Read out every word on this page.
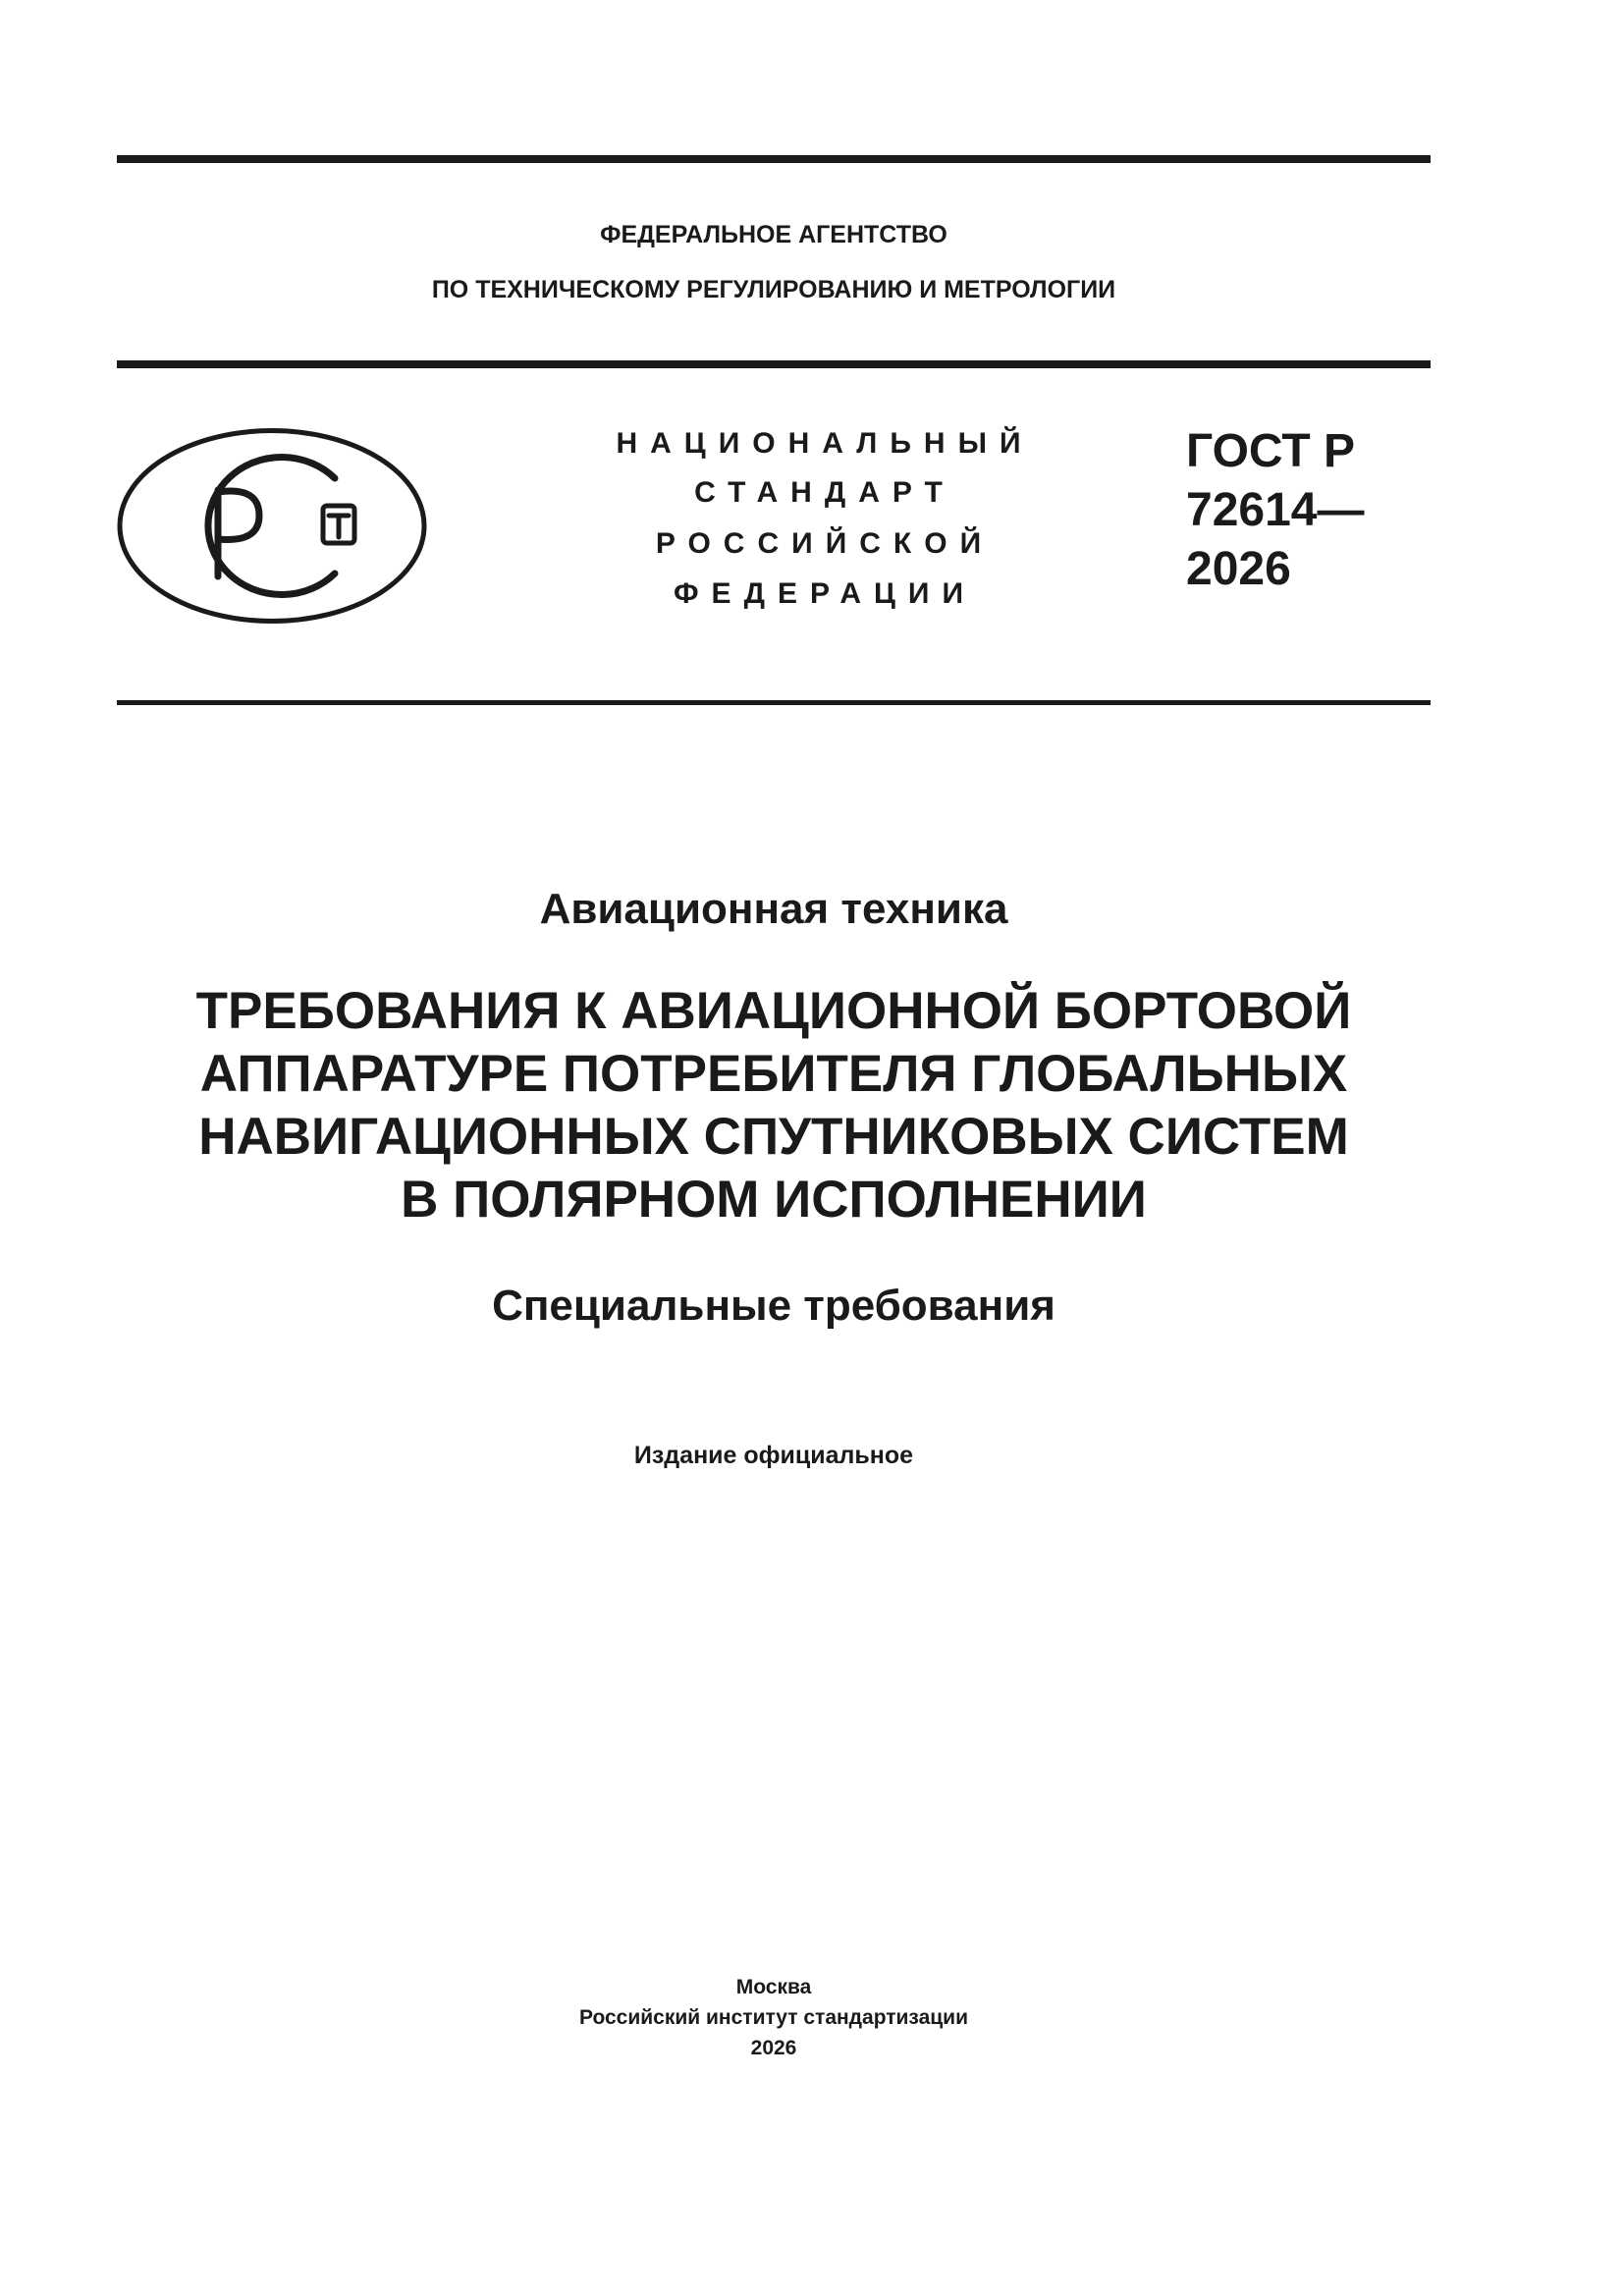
ФЕДЕРАЛЬНОЕ АГЕНТСТВО

ПО ТЕХНИЧЕСКОМУ РЕГУЛИРОВАНИЮ И МЕТРОЛОГИИ

НАЦИОНАЛЬНЫЙ

СТАНДАРТ

РОССИЙСКОЙ

ФЕДЕРАЦИИ

ГОСТ Р
72614—
2026

Авиационная техника

ТРЕБОВАНИЯ К АВИАЦИОННОЙ БОРТОВОЙ
АППАРАТУРЕ ПОТРЕБИТЕЛЯ ГЛОБАЛЬНЫХ
НАВИГАЦИОННЫХ СПУТНИКОВЫХ СИСТЕМ
В ПОЛЯРНОМ ИСПОЛНЕНИИ

Специальные требования

Издание официальное

Москва
Российский институт стандартизации
2026
